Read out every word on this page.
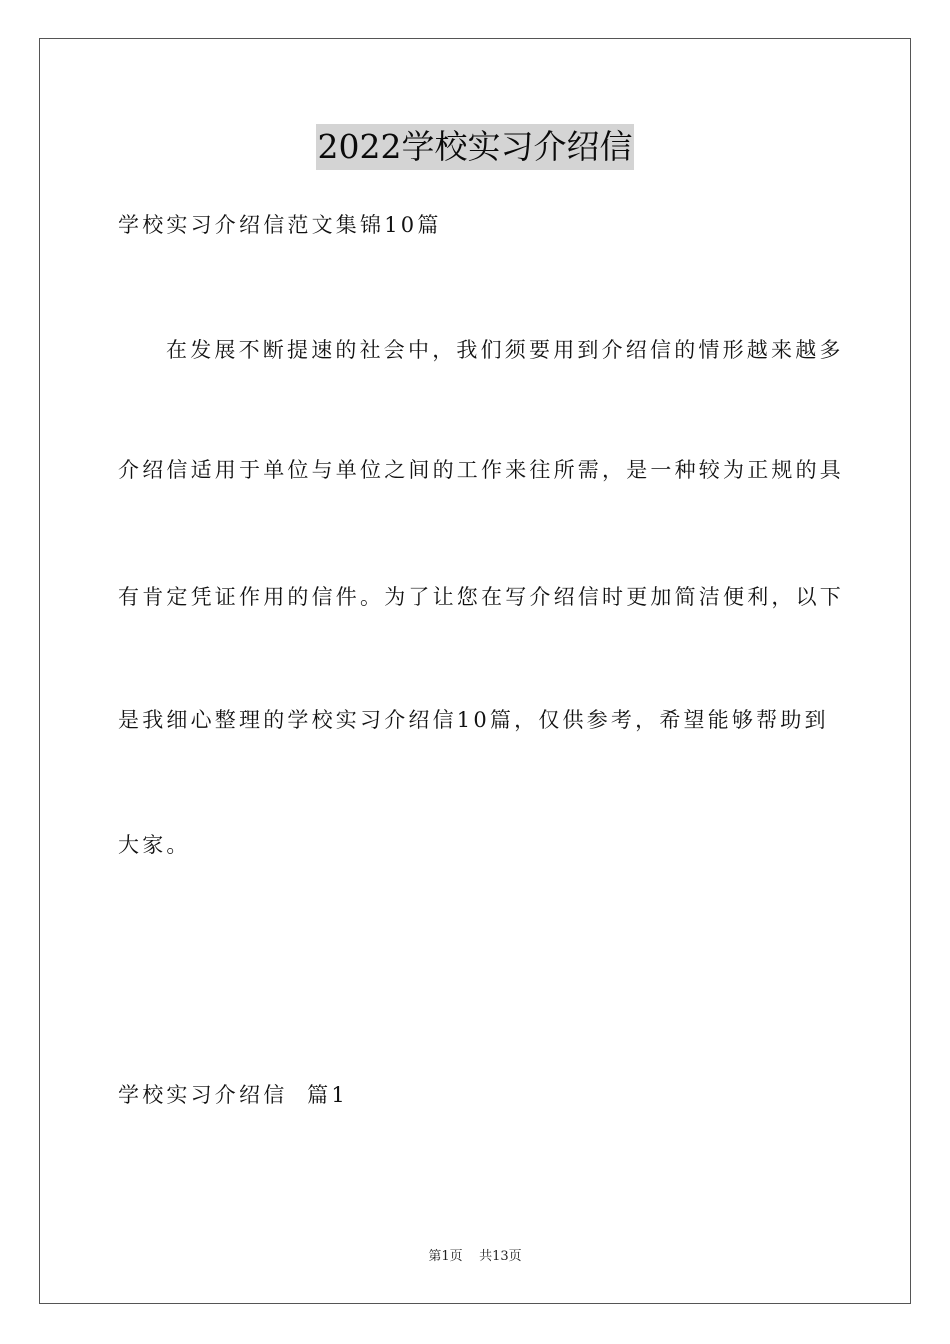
2022学校实习介绍信

学校实习介绍信范文集锦10篇

在发展不断提速的社会中，我们须要用到介绍信的情形越来越多

介绍信适用于单位与单位之间的工作来往所需，是一种较为正规的具

有肯定凭证作用的信件。为了让您在写介绍信时更加简洁便利，以下

是我细心整理的学校实习介绍信10篇，仅供参考，希望能够帮助到

大家。

学校实习介绍信  篇1

第1页    共13页
